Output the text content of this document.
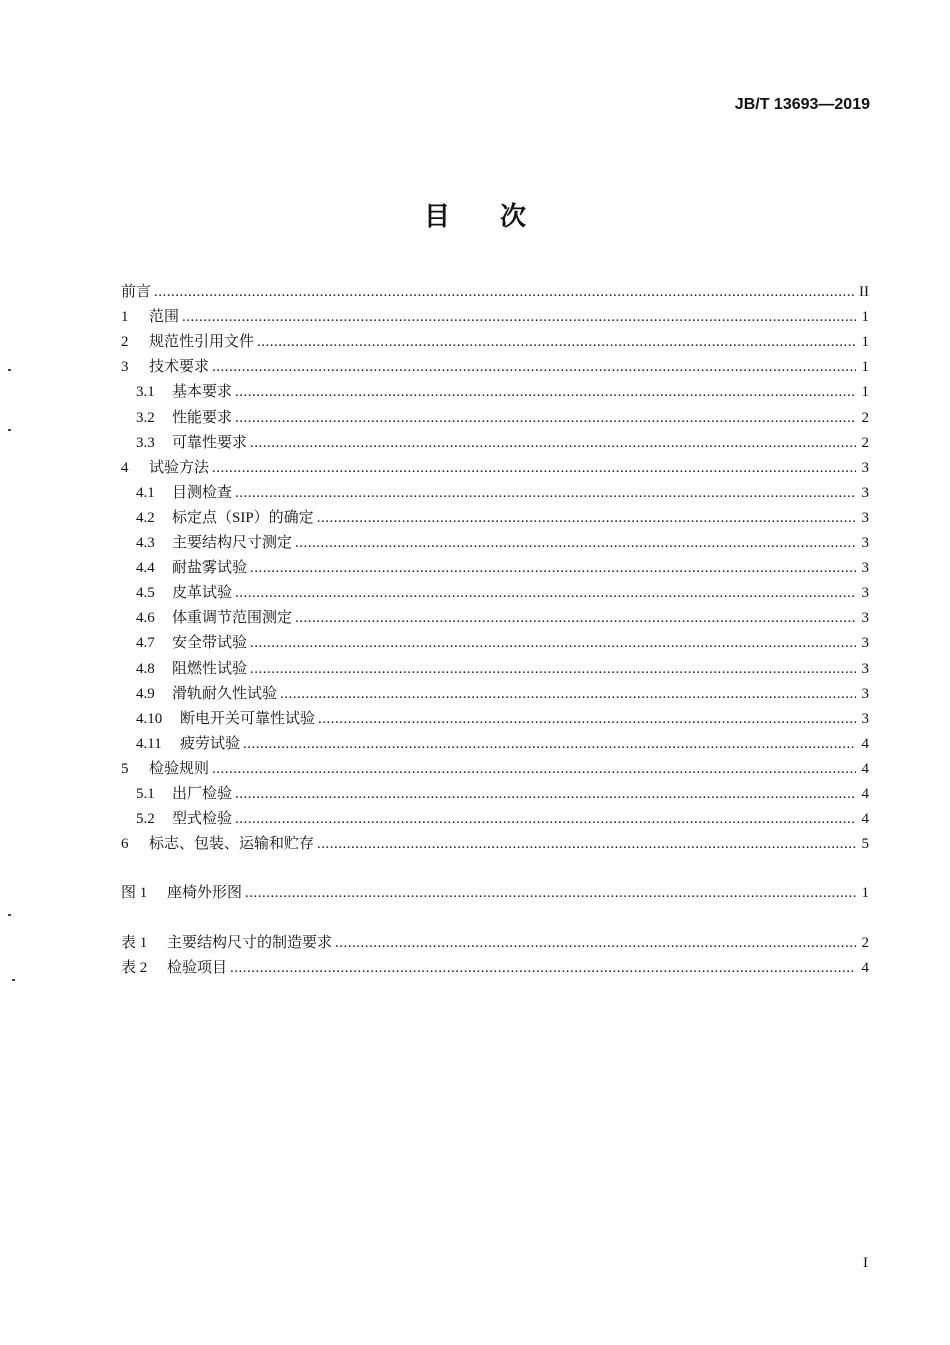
JB/T 13693—2019
目次
前言 .....	II
1	范围 .....	1
2	规范性引用文件 .....	1
3	技术要求 .....	1
3.1	基本要求 .....	1
3.2	性能要求 .....	2
3.3	可靠性要求 .....	2
4	试验方法 .....	3
4.1	目测检查 .....	3
4.2	标定点（SIP）的确定 .....	3
4.3	主要结构尺寸测定 .....	3
4.4	耐盐雾试验 .....	3
4.5	皮革试验 .....	3
4.6	体重调节范围测定 .....	3
4.7	安全带试验 .....	3
4.8	阻燃性试验 .....	3
4.9	滑轨耐久性试验 .....	3
4.10	断电开关可靠性试验 .....	3
4.11	疲劳试验 .....	4
5	检验规则 .....	4
5.1	出厂检验 .....	4
5.2	型式检验 .....	4
6	标志、包装、运输和贮存 .....	5
图 1	座椅外形图 .....	1
表 1	主要结构尺寸的制造要求 .....	2
表 2	检验项目 .....	4
I
